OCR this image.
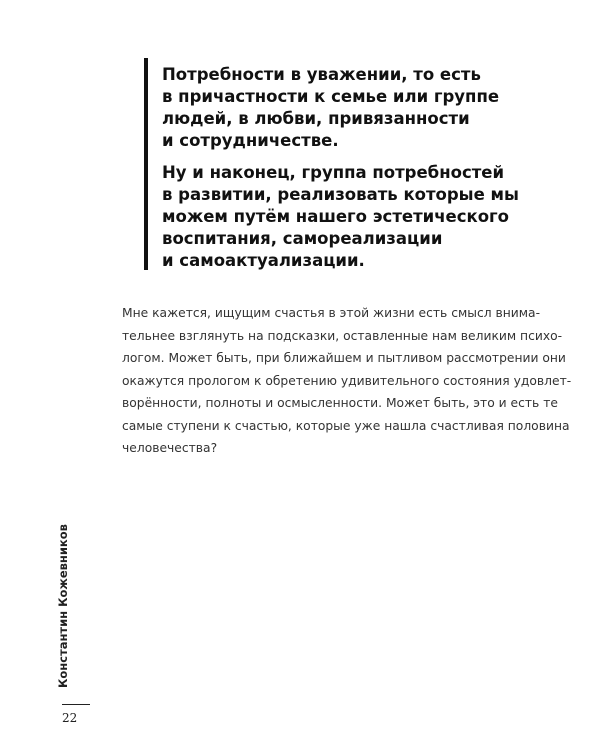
Потребности в уважении, то есть
в причастности к семье или группе
людей, в любви, привязанности
и сотрудничестве.
Ну и наконец, группа потребностей
в развитии, реализовать которые мы
можем путём нашего эстетического
воспитания, самореализации
и самоактуализации.
Мне кажется, ищущим счастья в этой жизни есть смысл внима-
тельнее взглянуть на подсказки, оставленные нам великим психо-
логом. Может быть, при ближайшем и пытливом рассмотрении они
окажутся прологом к обретению удивительного состояния удовлет-
ворённости, полноты и осмысленности. Может быть, это и есть те
самые ступени к счастью, которые уже нашла счастливая половина
человечества?
Константин Кожевников
22
